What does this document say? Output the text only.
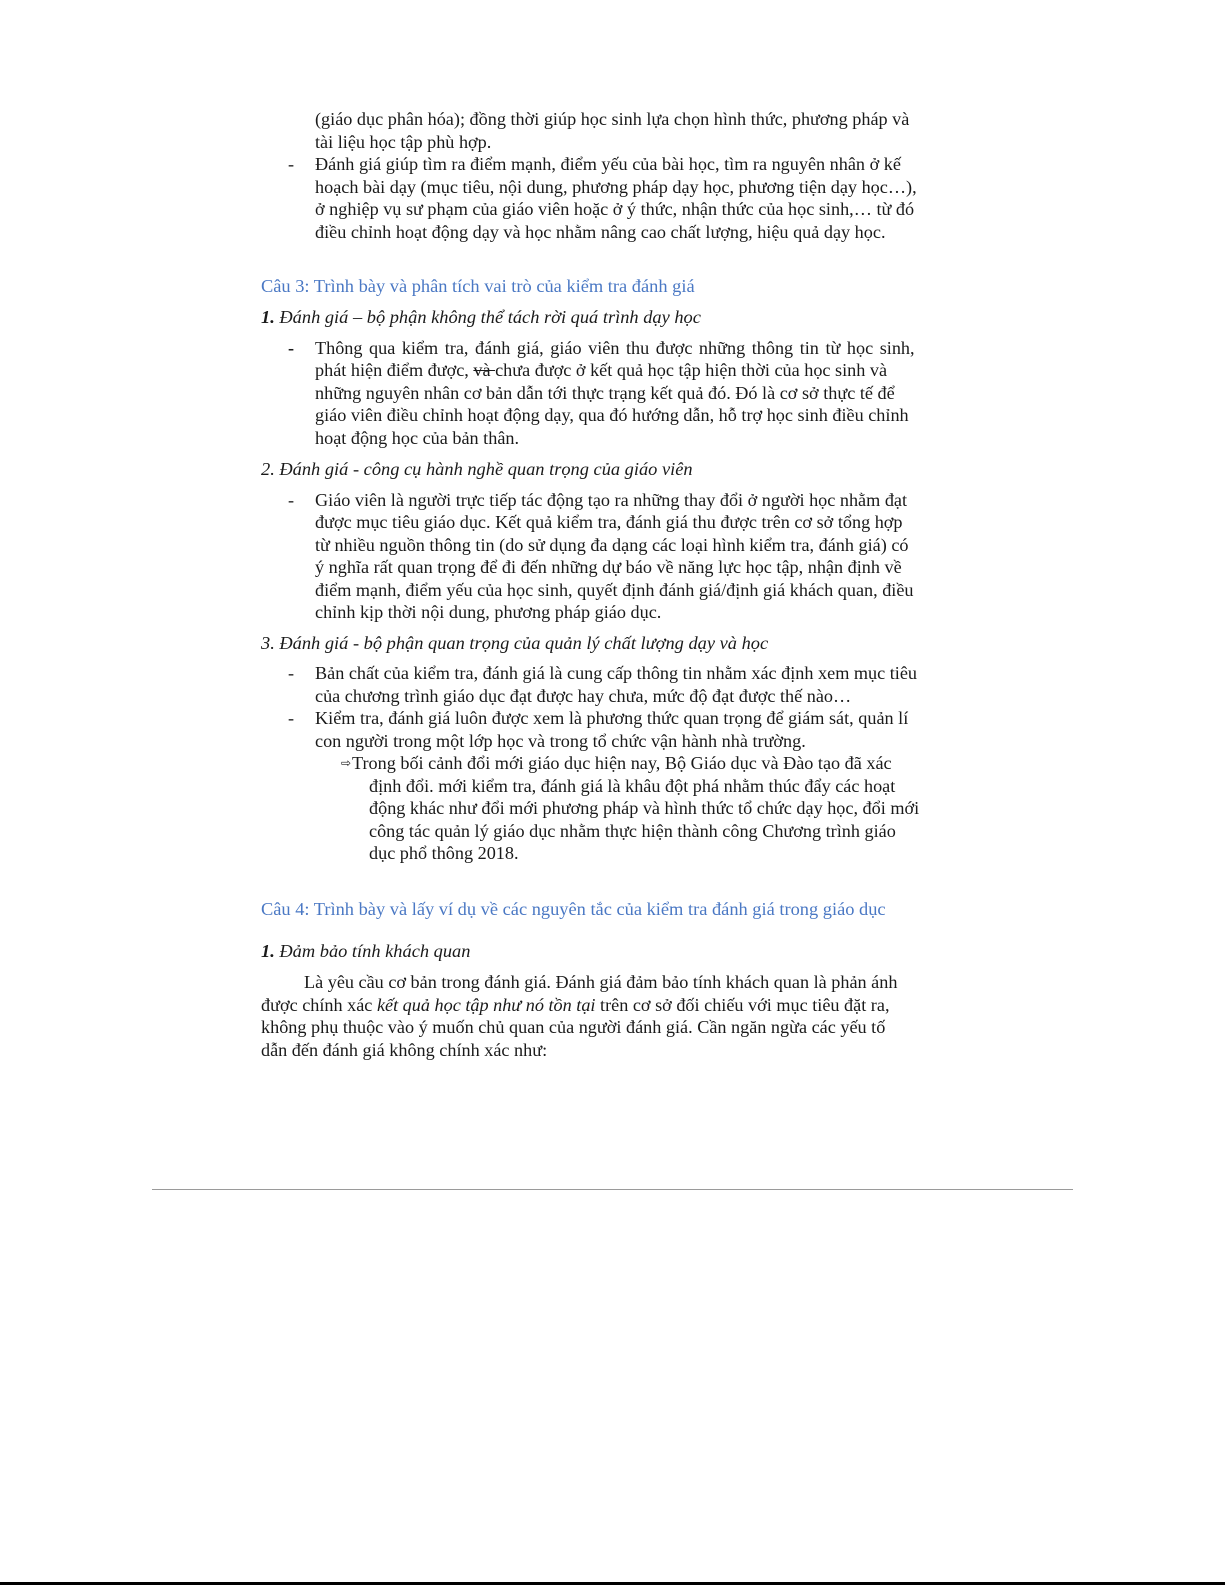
(giáo dục phân hóa); đồng thời giúp học sinh lựa chọn hình thức, phương pháp và
tài liệu học tập phù hợp.
- Đánh giá giúp tìm ra điểm mạnh, điểm yếu của bài học, tìm ra nguyên nhân ở kế
hoạch bài dạy (mục tiêu, nội dung, phương pháp dạy học, phương tiện dạy học…),
ở nghiệp vụ sư phạm của giáo viên hoặc ở ý thức, nhận thức của học sinh,… từ đó
điều chỉnh hoạt động dạy và học nhằm nâng cao chất lượng, hiệu quả dạy học.
Câu 3: Trình bày và phân tích vai trò của kiểm tra đánh giá
1. Đánh giá – bộ phận không thể tách rời quá trình dạy học
- Thông qua kiểm tra, đánh giá, giáo viên thu được những thông tin từ học sinh,
phát hiện điểm được, và chưa được ở kết quả học tập hiện thời của học sinh và
những nguyên nhân cơ bản dẫn tới thực trạng kết quả đó. Đó là cơ sở thực tế để
giáo viên điều chỉnh hoạt động dạy, qua đó hướng dẫn, hỗ trợ học sinh điều chỉnh
hoạt động học của bản thân.
2. Đánh giá - công cụ hành nghề quan trọng của giáo viên
- Giáo viên là người trực tiếp tác động tạo ra những thay đổi ở người học nhằm đạt
được mục tiêu giáo dục. Kết quả kiểm tra, đánh giá thu được trên cơ sở tổng hợp
từ nhiều nguồn thông tin (do sử dụng đa dạng các loại hình kiểm tra, đánh giá) có
ý nghĩa rất quan trọng để đi đến những dự báo về năng lực học tập, nhận định về
điểm mạnh, điểm yếu của học sinh, quyết định đánh giá/định giá khách quan, điều
chỉnh kịp thời nội dung, phương pháp giáo dục.
3. Đánh giá - bộ phận quan trọng của quản lý chất lượng dạy và học
- Bản chất của kiểm tra, đánh giá là cung cấp thông tin nhằm xác định xem mục tiêu
của chương trình giáo dục đạt được hay chưa, mức độ đạt được thế nào…
- Kiểm tra, đánh giá luôn được xem là phương thức quan trọng để giám sát, quản lí
con người trong một lớp học và trong tổ chức vận hành nhà trường.
⇨ Trong bối cảnh đổi mới giáo dục hiện nay, Bộ Giáo dục và Đào tạo đã xác
định đổi. mới kiểm tra, đánh giá là khâu đột phá nhằm thúc đẩy các hoạt
động khác như đổi mới phương pháp và hình thức tổ chức dạy học, đổi mới
công tác quản lý giáo dục nhằm thực hiện thành công Chương trình giáo
dục phổ thông 2018.
Câu 4: Trình bày và lấy ví dụ về các nguyên tắc của kiểm tra đánh giá trong giáo dục
1. Đảm bảo tính khách quan
Là yêu cầu cơ bản trong đánh giá. Đánh giá đảm bảo tính khách quan là phản ánh
được chính xác kết quả học tập như nó tồn tại trên cơ sở đối chiếu với mục tiêu đặt ra,
không phụ thuộc vào ý muốn chủ quan của người đánh giá. Cần ngăn ngừa các yếu tố
dẫn đến đánh giá không chính xác như:
